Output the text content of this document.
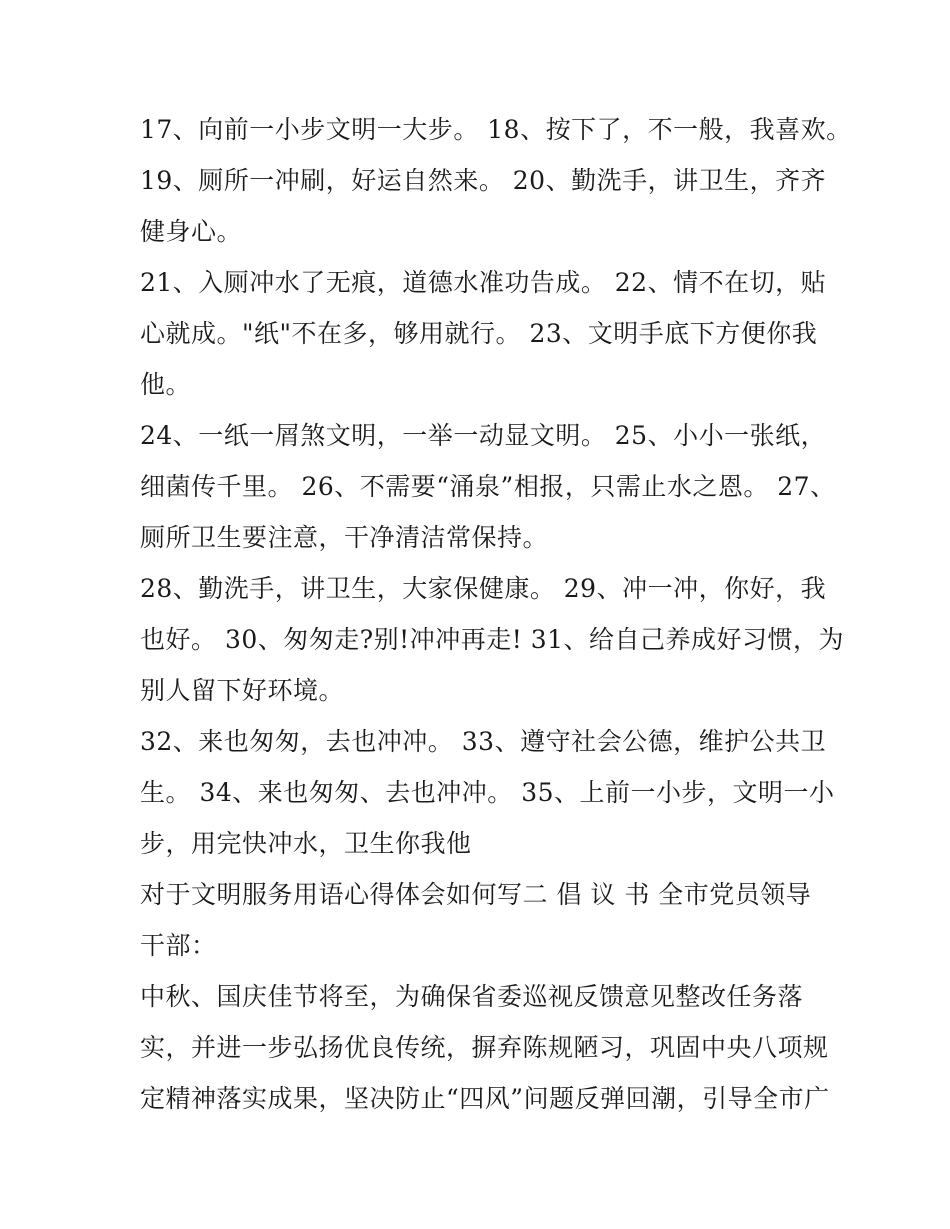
17、向前一小步文明一大步。 18、按下了，不一般，我喜欢。
19、厕所一冲刷，好运自然来。 20、勤洗手，讲卫生，齐齐
健身心。
21、入厕冲水了无痕，道德水准功告成。 22、情不在切，贴
心就成。"纸"不在多，够用就行。 23、文明手底下方便你我
他。
24、一纸一屑煞文明，一举一动显文明。 25、小小一张纸，
细菌传千里。 26、不需要“涌泉”相报，只需止水之恩。 27、
厕所卫生要注意，干净清洁常保持。
28、勤洗手，讲卫生，大家保健康。 29、冲一冲，你好，我
也好。 30、匆匆走?别!冲冲再走! 31、给自己养成好习惯，为
别人留下好环境。
32、来也匆匆，去也冲冲。 33、遵守社会公德，维护公共卫
生。 34、来也匆匆、去也冲冲。 35、上前一小步，文明一小
步，用完快冲水，卫生你我他
对于文明服务用语心得体会如何写二 倡 议 书 全市党员领导
干部：
中秋、国庆佳节将至，为确保省委巡视反馈意见整改任务落
实，并进一步弘扬优良传统，摒弃陈规陋习，巩固中央八项规
定精神落实成果，坚决防止“四风”问题反弹回潮，引导全市广
